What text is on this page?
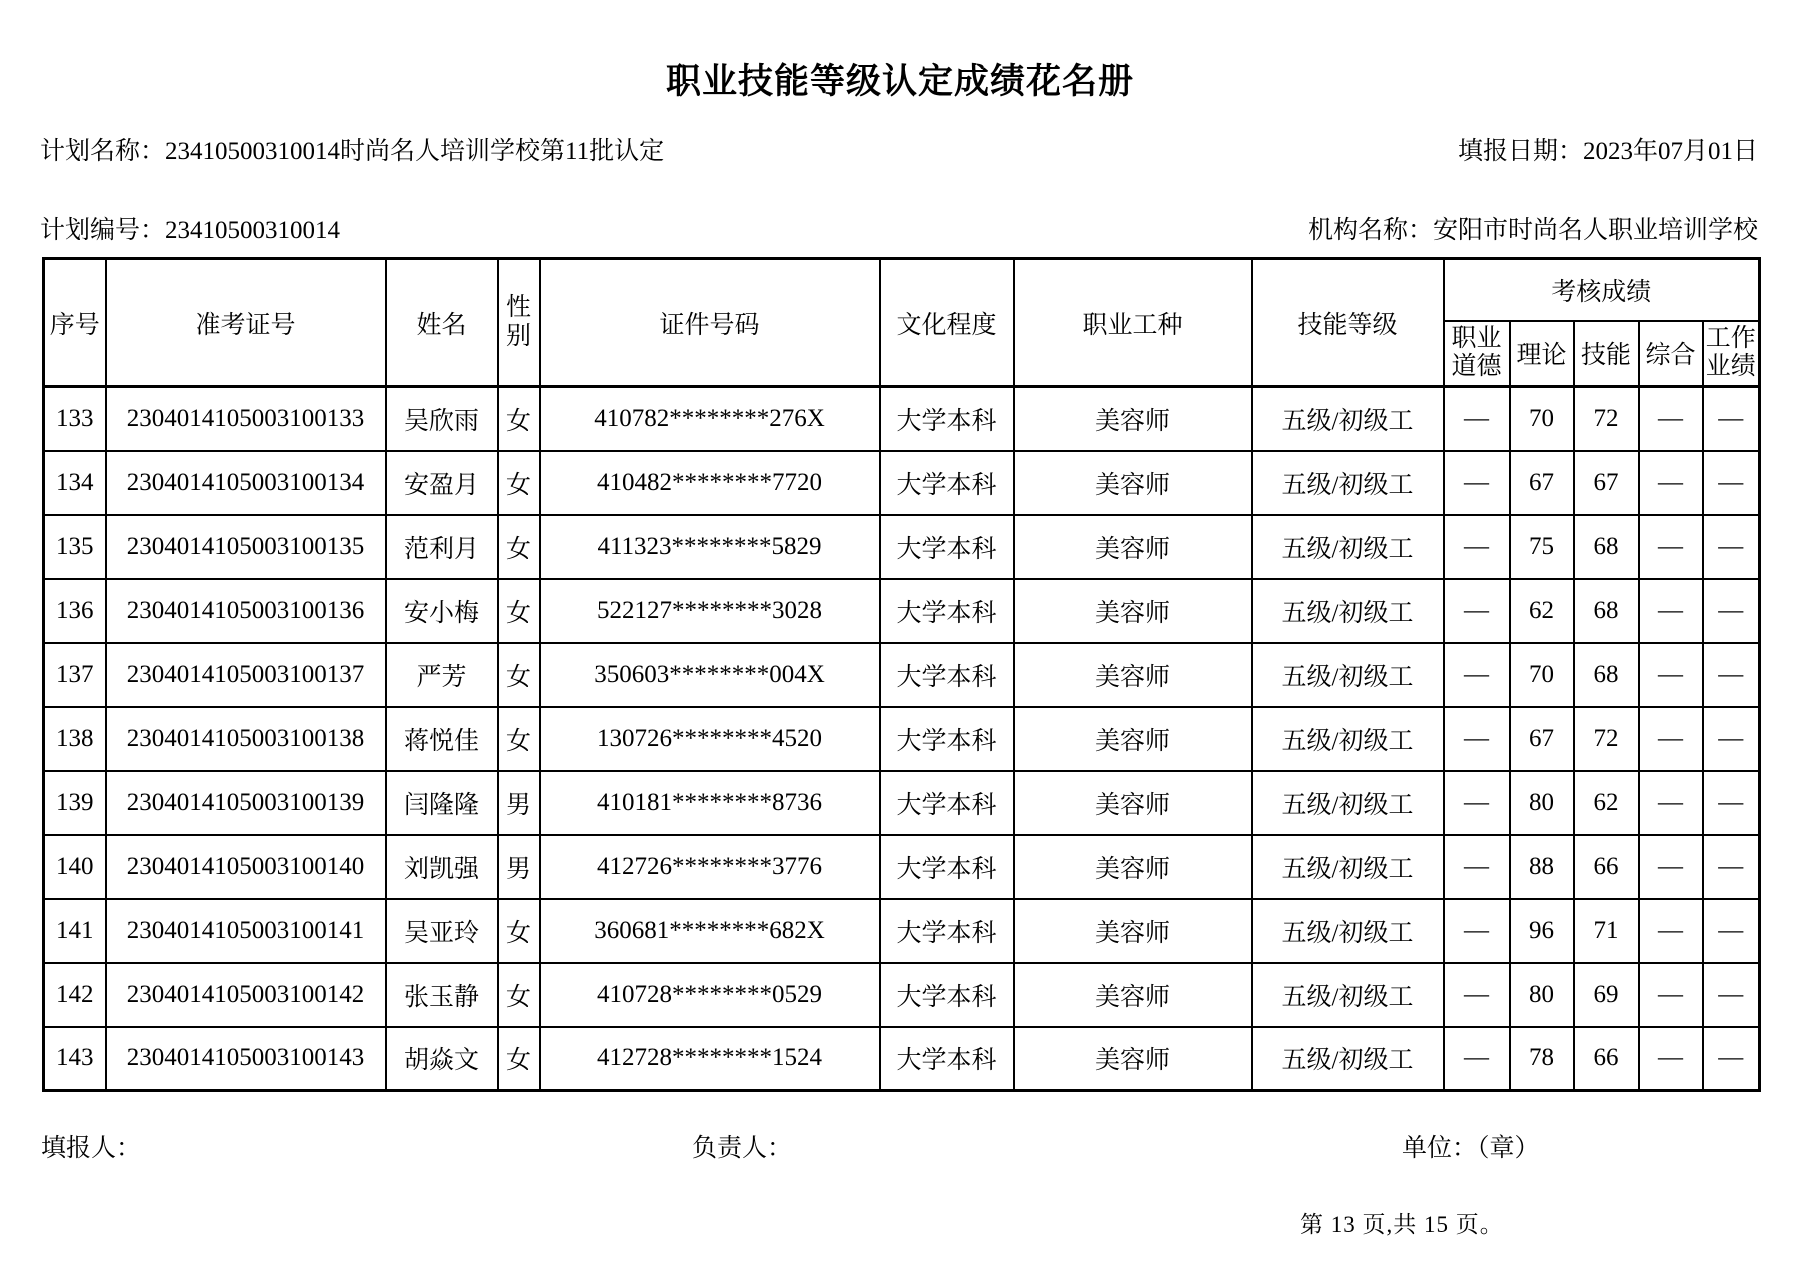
职业技能等级认定成绩花名册
计划名称：23410500310014时尚名人培训学校第11批认定	填报日期：2023年07月01日
计划编号：23410500310014	机构名称：安阳市时尚名人职业培训学校
序号	准考证号	姓名	性别	证件号码	文化程度	职业工种	技能等级	考核成绩				
								职业道德	理论	技能	综合	工作业绩
133	2304014105003100133	吴欣雨	女	410782********276X	大学本科	美容师	五级/初级工	—	70	72	—	—
134	2304014105003100134	安盈月	女	410482********7720	大学本科	美容师	五级/初级工	—	67	67	—	—
135	2304014105003100135	范利月	女	411323********5829	大学本科	美容师	五级/初级工	—	75	68	—	—
136	2304014105003100136	安小梅	女	522127********3028	大学本科	美容师	五级/初级工	—	62	68	—	—
137	2304014105003100137	严芳	女	350603********004X	大学本科	美容师	五级/初级工	—	70	68	—	—
138	2304014105003100138	蒋悦佳	女	130726********4520	大学本科	美容师	五级/初级工	—	67	72	—	—
139	2304014105003100139	闫隆隆	男	410181********8736	大学本科	美容师	五级/初级工	—	80	62	—	—
140	2304014105003100140	刘凯强	男	412726********3776	大学本科	美容师	五级/初级工	—	88	66	—	—
141	2304014105003100141	吴亚玲	女	360681********682X	大学本科	美容师	五级/初级工	—	96	71	—	—
142	2304014105003100142	张玉静	女	410728********0529	大学本科	美容师	五级/初级工	—	80	69	—	—
143	2304014105003100143	胡焱文	女	412728********1524	大学本科	美容师	五级/初级工	—	78	66	—	—
填报人：	负责人：	单位：（章）
第 13 页,共 15 页。
